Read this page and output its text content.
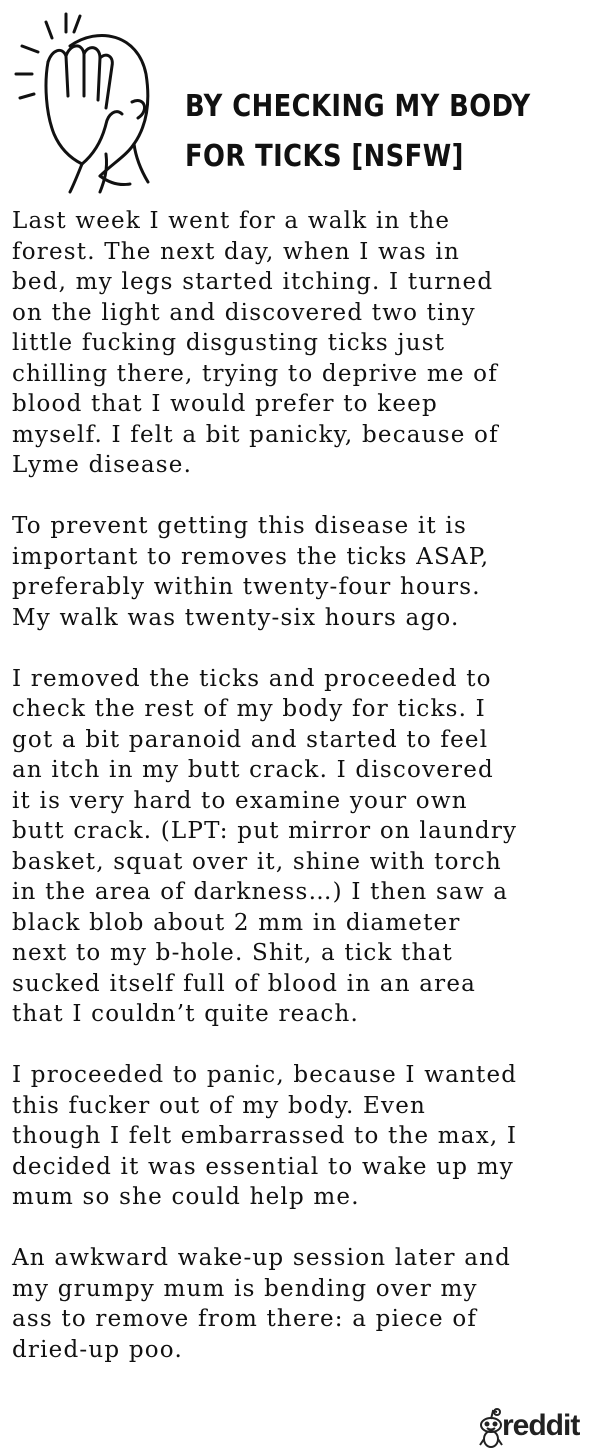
BY CHECKING MY BODY
FOR TICKS [NSFW]

Last week I went for a walk in the
forest. The next day, when I was in
bed, my legs started itching. I turned
on the light and discovered two tiny
little fucking disgusting ticks just
chilling there, trying to deprive me of
blood that I would prefer to keep
myself. I felt a bit panicky, because of
Lyme disease.

To prevent getting this disease it is
important to removes the ticks ASAP,
preferably within twenty-four hours.
My walk was twenty-six hours ago.

I removed the ticks and proceeded to
check the rest of my body for ticks. I
got a bit paranoid and started to feel
an itch in my butt crack. I discovered
it is very hard to examine your own
butt crack. (LPT: put mirror on laundry
basket, squat over it, shine with torch
in the area of darkness…) I then saw a
black blob about 2 mm in diameter
next to my b-hole. Shit, a tick that
sucked itself full of blood in an area
that I couldn’t quite reach.

I proceeded to panic, because I wanted
this fucker out of my body. Even
though I felt embarrassed to the max, I
decided it was essential to wake up my
mum so she could help me.

An awkward wake-up session later and
my grumpy mum is bending over my
ass to remove from there: a piece of
dried-up poo.

reddit
